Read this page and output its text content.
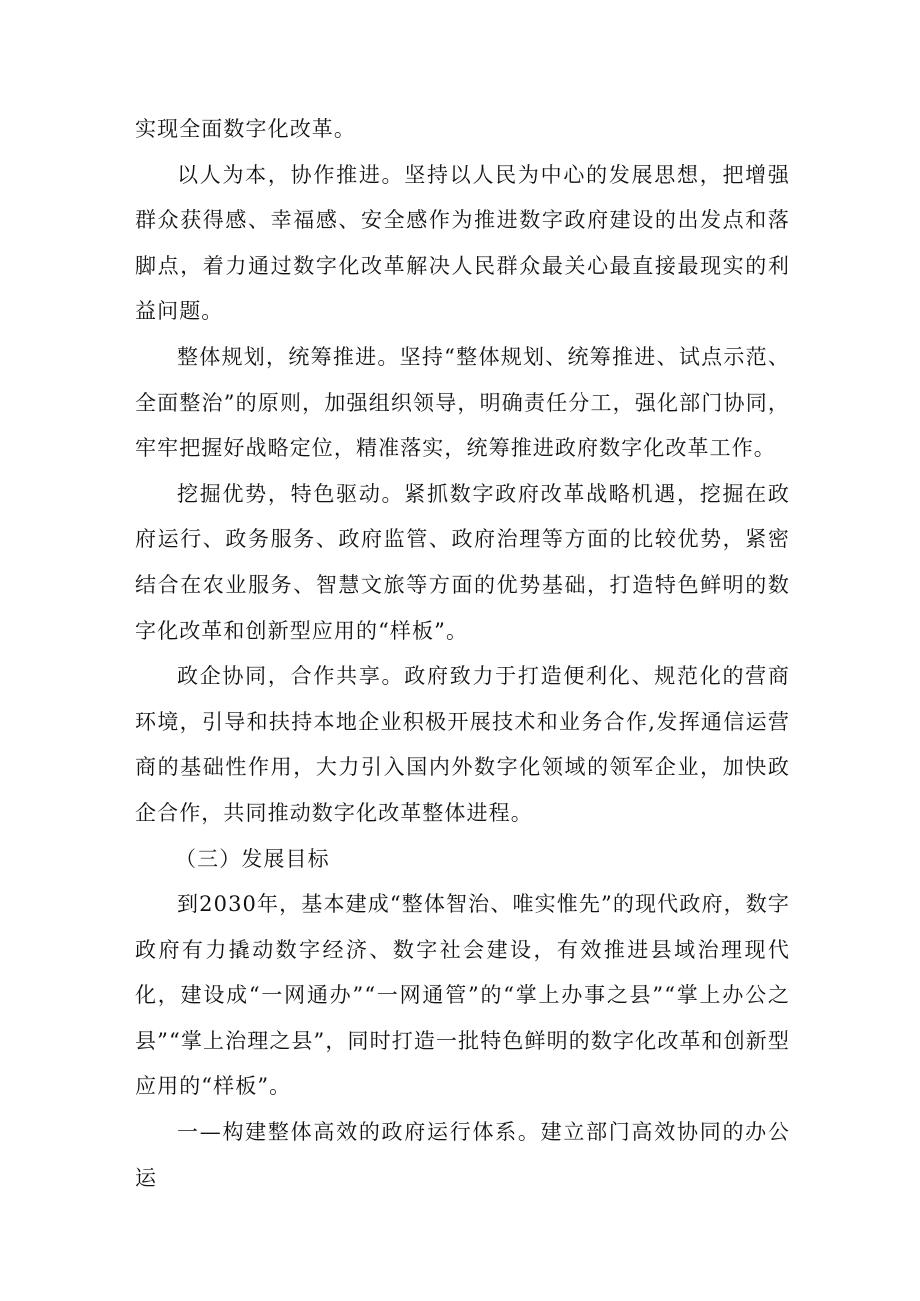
实现全面数字化改革。

以人为本，协作推进。坚持以人民为中心的发展思想，把增强群众获得感、幸福感、安全感作为推进数字政府建设的出发点和落脚点，着力通过数字化改革解决人民群众最关心最直接最现实的利益问题。

整体规划，统筹推进。坚持“整体规划、统筹推进、试点示范、全面整治”的原则，加强组织领导，明确责任分工，强化部门协同，牢牢把握好战略定位，精准落实，统筹推进政府数字化改革工作。

挖掘优势，特色驱动。紧抓数字政府改革战略机遇，挖掘在政府运行、政务服务、政府监管、政府治理等方面的比较优势，紧密结合在农业服务、智慧文旅等方面的优势基础，打造特色鲜明的数字化改革和创新型应用的“样板”。

政企协同，合作共享。政府致力于打造便利化、规范化的营商环境，引导和扶持本地企业积极开展技术和业务合作,发挥通信运营商的基础性作用，大力引入国内外数字化领域的领军企业，加快政企合作，共同推动数字化改革整体进程。

（三）发展目标

到2030年，基本建成“整体智治、唯实惟先”的现代政府，数字政府有力撬动数字经济、数字社会建设，有效推进县域治理现代化，建设成“一网通办”“一网通管”的“掌上办事之县”“掌上办公之县”“掌上治理之县”，同时打造一批特色鲜明的数字化改革和创新型应用的“样板”。

一—构建整体高效的政府运行体系。建立部门高效协同的办公运
